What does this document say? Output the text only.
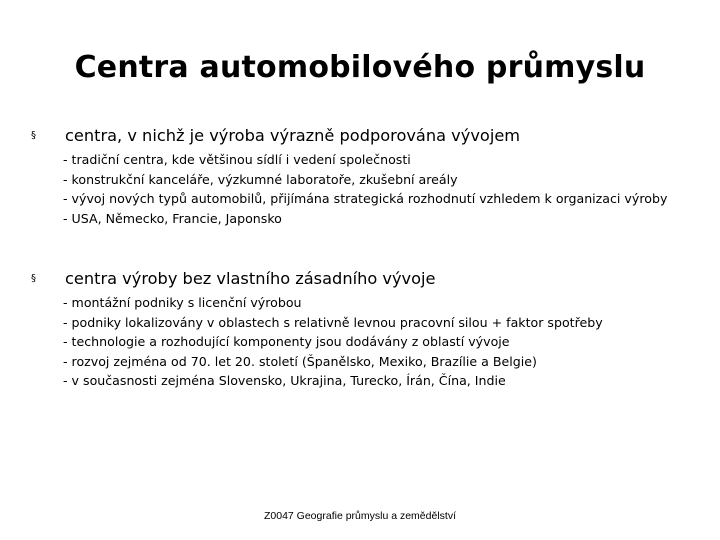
Centra automobilového průmyslu
§	centra, v nichž je výroba výrazně podporována vývojem

- tradiční centra, kde většinou sídlí i vedení společnosti

- konstrukční kanceláře, výzkumné laboratoře, zkušební areály

- vývoj nových typů automobilů, přijímána strategická rozhodnutí vzhledem k organizaci výroby

- USA, Německo, Francie, Japonsko

§	centra výroby bez vlastního zásadního vývoje

- montážní podniky s licenční výrobou

- podniky lokalizovány v oblastech s relativně levnou pracovní silou + faktor spotřeby

- technologie a rozhodující komponenty jsou dodávány z oblastí vývoje

- rozvoj zejména od 70. let 20. století (Španělsko, Mexiko, Brazílie a Belgie)

- v současnosti zejména Slovensko, Ukrajina, Turecko, Írán, Čína, Indie

Z0047 Geografie průmyslu a zemědělství
